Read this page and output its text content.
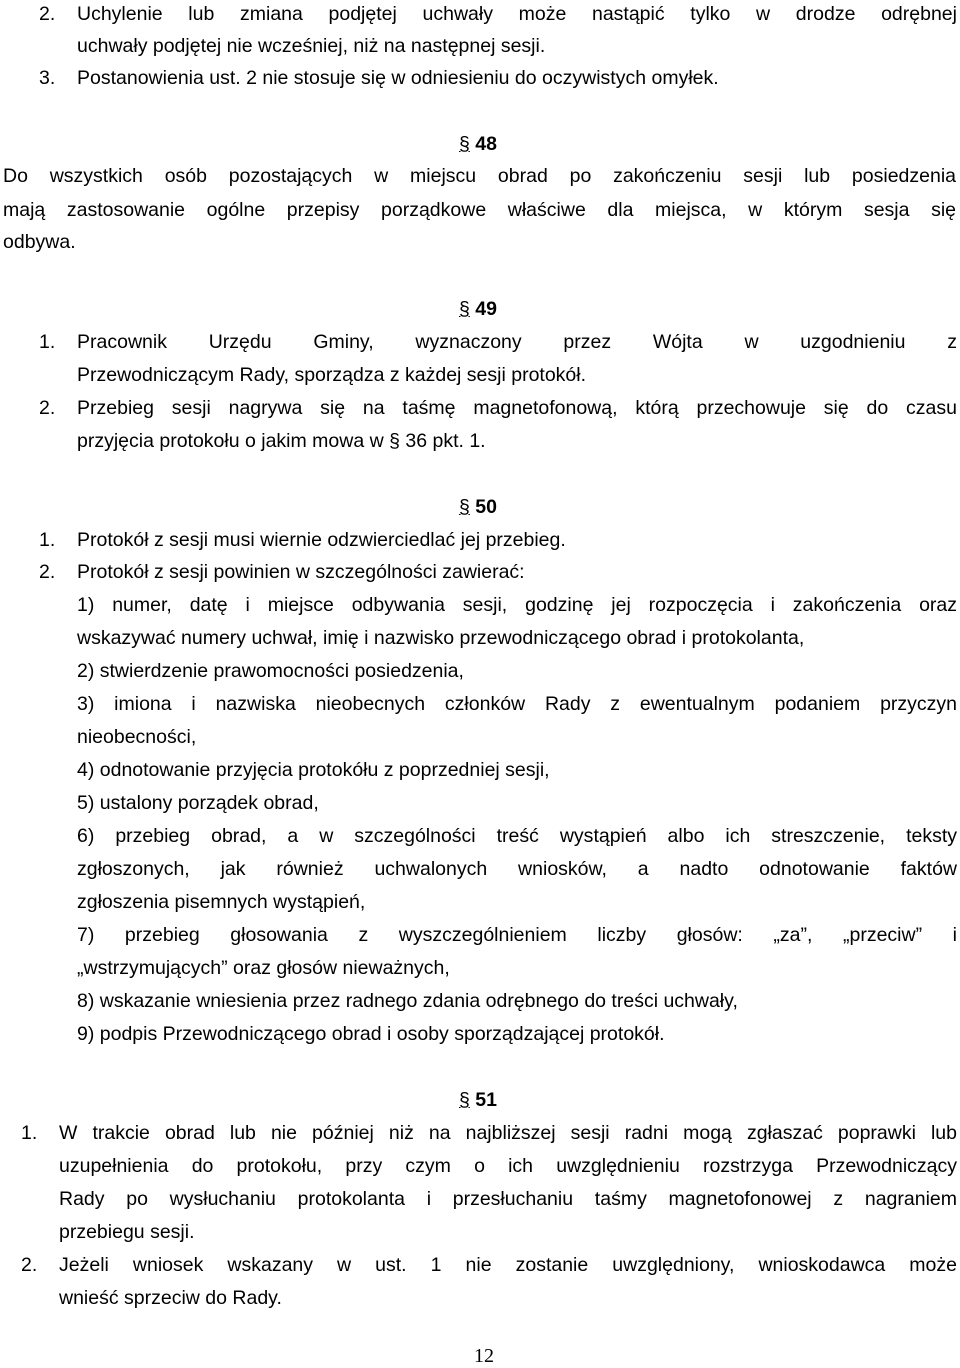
2. Uchylenie lub zmiana podjętej uchwały może nastąpić tylko w drodze odrębnej
uchwały podjętej nie wcześniej, niż na następnej sesji.
3. Postanowienia ust. 2 nie stosuje się w odniesieniu do oczywistych omyłek.
§ 48
Do wszystkich osób pozostających w miejscu obrad po zakończeniu sesji lub posiedzenia
mają zastosowanie ogólne przepisy porządkowe właściwe dla miejsca, w którym sesja się
odbywa.
§ 49
1. Pracownik Urzędu Gminy, wyznaczony przez Wójta w uzgodnieniu z
Przewodniczącym Rady, sporządza z każdej sesji protokół.
2. Przebieg sesji nagrywa się na taśmę magnetofonową, którą przechowuje się do czasu
przyjęcia protokołu o jakim mowa w § 36 pkt. 1.
§ 50
1. Protokół z sesji musi wiernie odzwierciedlać jej przebieg.
2. Protokół z sesji powinien w szczególności zawierać:
1) numer, datę i miejsce odbywania sesji, godzinę jej rozpoczęcia i zakończenia oraz
wskazywać numery uchwał, imię i nazwisko przewodniczącego obrad i protokolanta,
2) stwierdzenie prawomocności posiedzenia,
3) imiona i nazwiska nieobecnych członków Rady z ewentualnym podaniem przyczyn
nieobecności,
4) odnotowanie przyjęcia protokółu z poprzedniej sesji,
5) ustalony porządek obrad,
6) przebieg obrad, a w szczególności treść wystąpień albo ich streszczenie, teksty
zgłoszonych, jak również uchwalonych wniosków, a nadto odnotowanie faktów
zgłoszenia pisemnych wystąpień,
7) przebieg głosowania z wyszczególnieniem liczby głosów: „za”, „przeciw” i
„wstrzymujących” oraz głosów nieważnych,
8) wskazanie wniesienia przez radnego zdania odrębnego do treści uchwały,
9) podpis Przewodniczącego obrad i osoby sporządzającej protokół.
§ 51
1. W trakcie obrad lub nie później niż na najbliższej sesji radni mogą zgłaszać poprawki lub
uzupełnienia do protokołu, przy czym o ich uwzględnieniu rozstrzyga Przewodniczący
Rady po wysłuchaniu protokolanta i przesłuchaniu taśmy magnetofonowej z nagraniem
przebiegu sesji.
2. Jeżeli wniosek wskazany w ust. 1 nie zostanie uwzględniony, wnioskodawca może
wnieść sprzeciw do Rady.
12
